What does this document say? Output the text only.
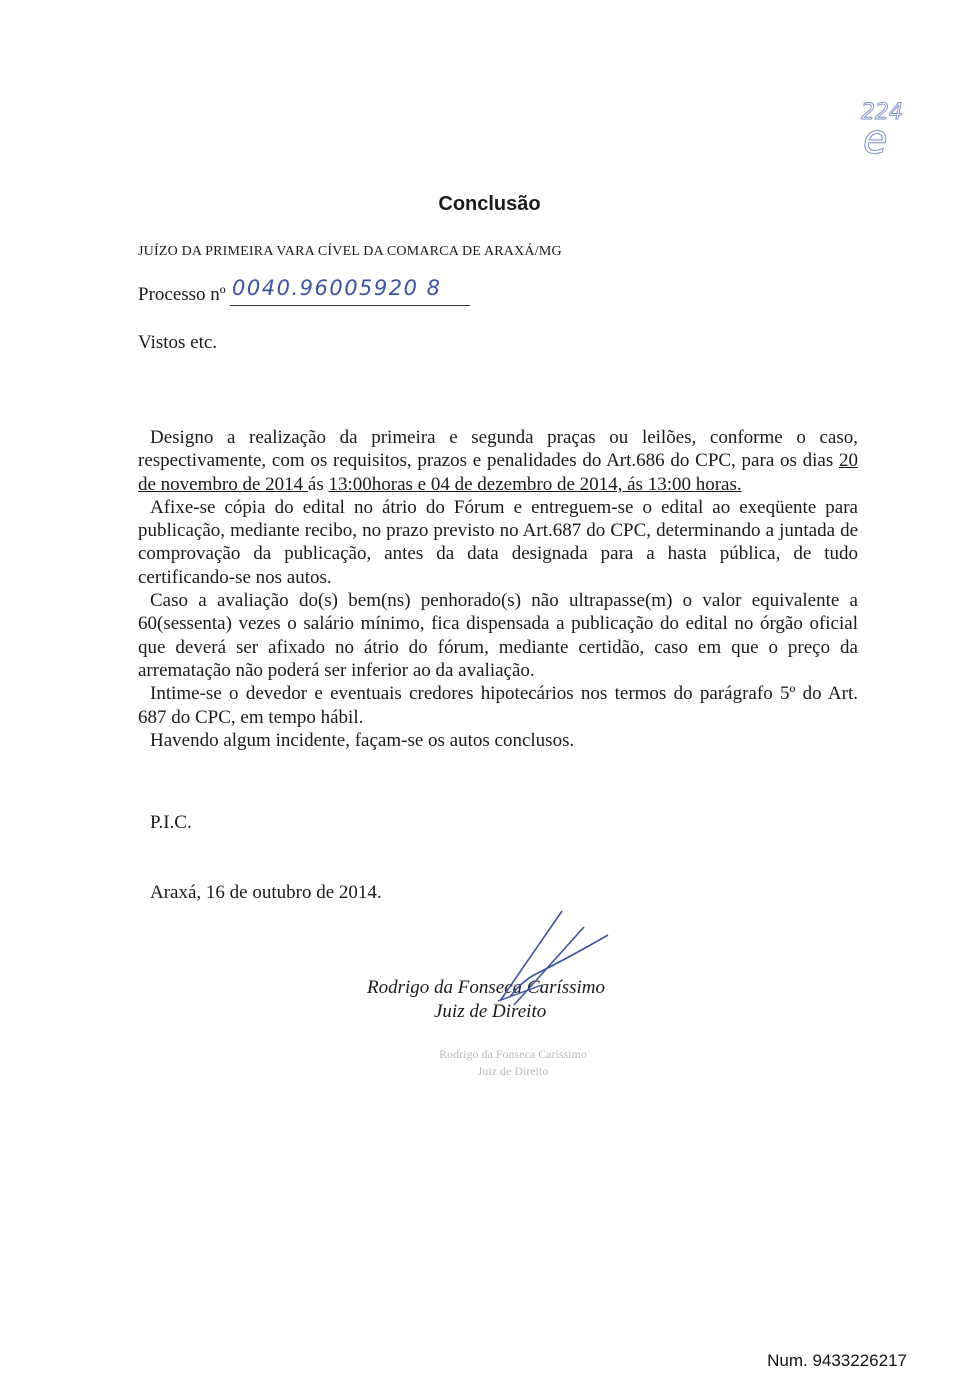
224
e
Conclusão
JUÍZO DA PRIMEIRA VARA CÍVEL DA COMARCA DE ARAXÁ/MG
Processo nº 0040.96005920 8
Vistos etc.

Designo a realização da primeira e segunda praças ou leilões, conforme o caso, respectivamente, com os requisitos, prazos e penalidades do Art.686 do CPC, para os dias 20 de novembro de 2014 ás 13:00horas e 04 de dezembro de 2014, ás 13:00 horas.

Afixe-se cópia do edital no átrio do Fórum e entreguem-se o edital ao exeqüente para publicação, mediante recibo, no prazo previsto no Art.687 do CPC, determinando a juntada de comprovação da publicação, antes da data designada para a hasta pública, de tudo certificando-se nos autos.

Caso a avaliação do(s) bem(ns) penhorado(s) não ultrapasse(m) o valor equivalente a 60(sessenta) vezes o salário mínimo, fica dispensada a publicação do edital no órgão oficial que deverá ser afixado no átrio do fórum, mediante certidão, caso em que o preço da arrematação não poderá ser inferior ao da avaliação.

Intime-se o devedor e eventuais credores hipotecários nos termos do parágrafo 5º do Art. 687 do CPC, em tempo hábil.

Havendo algum incidente, façam-se os autos conclusos.

P.I.C.
Araxá, 16 de outubro de 2014.
Rodrigo da Fonseca Caríssimo
Juiz de Direito
Rodrigo da Fonseca Caríssimo
Juiz de Direito
Num. 9433226217
